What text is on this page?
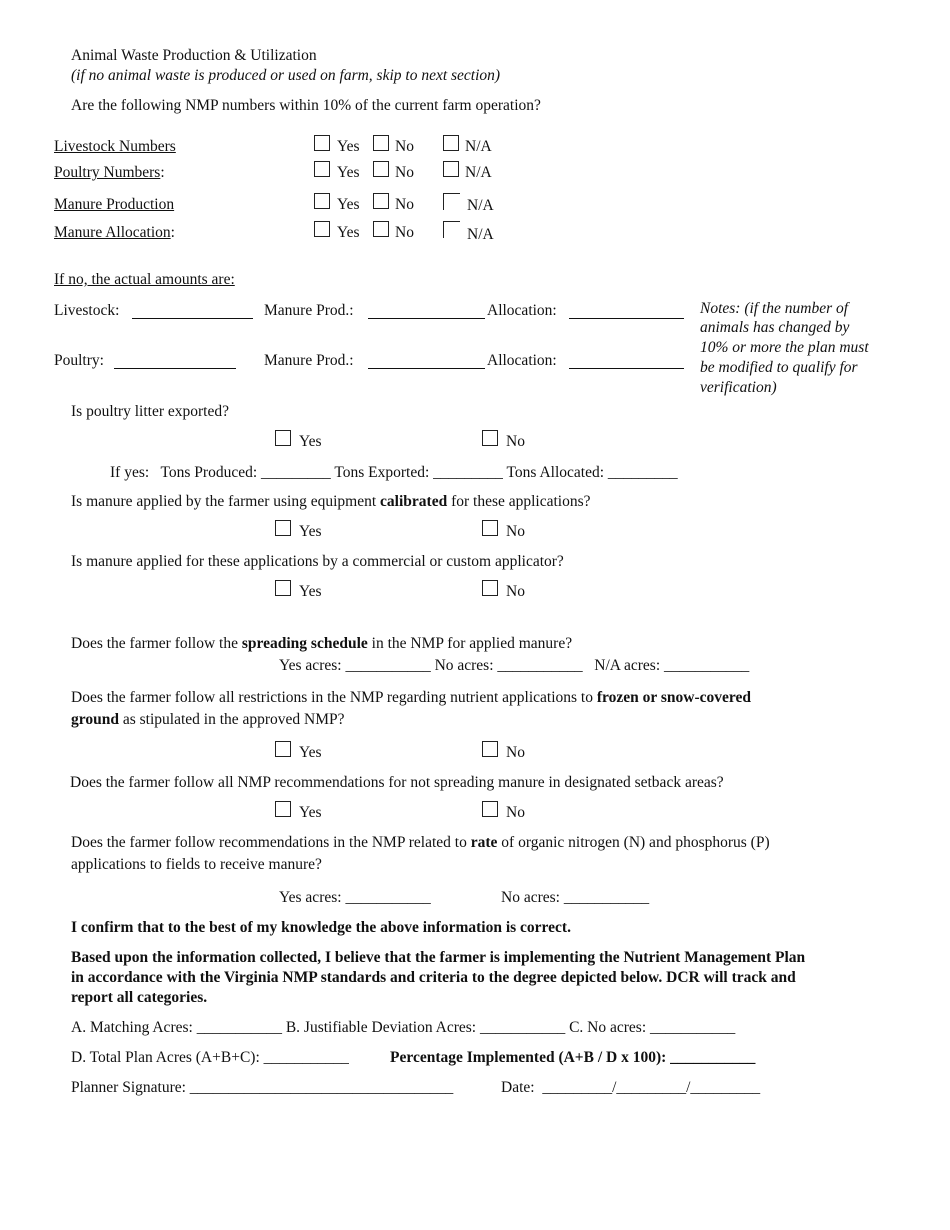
Animal Waste Production & Utilization
(if no animal waste is produced or used on farm, skip to next section)
Are the following NMP numbers within 10% of the current farm operation?
Livestock Numbers	Yes No	N/A
Poultry Numbers:	Yes No	N/A
Manure Production	Yes No	N/A
Manure Allocation:	Yes No	N/A
If no, the actual amounts are:
Livestock:	Manure Prod.:	Allocation:
Poultry:	Manure Prod.:	Allocation:
Notes: (if the number of
animals has changed by
10% or more the plan must
be modified to qualify for
verification)
Is poultry litter exported?
Yes	No
If yes:   Tons Produced: _________ Tons Exported: _________ Tons Allocated: _________
Is manure applied by the farmer using equipment calibrated for these applications?
Yes	No
Is manure applied for these applications by a commercial or custom applicator?
Yes	No
Does the farmer follow the spreading schedule in the NMP for applied manure?
Yes acres: ___________ No acres: ___________   N/A acres: ___________
Does the farmer follow all restrictions in the NMP regarding nutrient applications to frozen or snow-covered
ground as stipulated in the approved NMP?
Yes	No
Does the farmer follow all NMP recommendations for not spreading manure in designated setback areas?
Yes	No
Does the farmer follow recommendations in the NMP related to rate of organic nitrogen (N) and phosphorus (P)
applications to fields to receive manure?
Yes acres: ___________	No acres: ___________
I confirm that to the best of my knowledge the above information is correct.
Based upon the information collected, I believe that the farmer is implementing the Nutrient Management Plan
in accordance with the Virginia NMP standards and criteria to the degree depicted below. DCR will track and
report all categories.
A. Matching Acres: ___________ B. Justifiable Deviation Acres: ___________ C. No acres: ___________
D. Total Plan Acres (A+B+C): ___________	Percentage Implemented (A+B / D x 100): ___________
Planner Signature: __________________________________	Date:  _________/_________/_________
